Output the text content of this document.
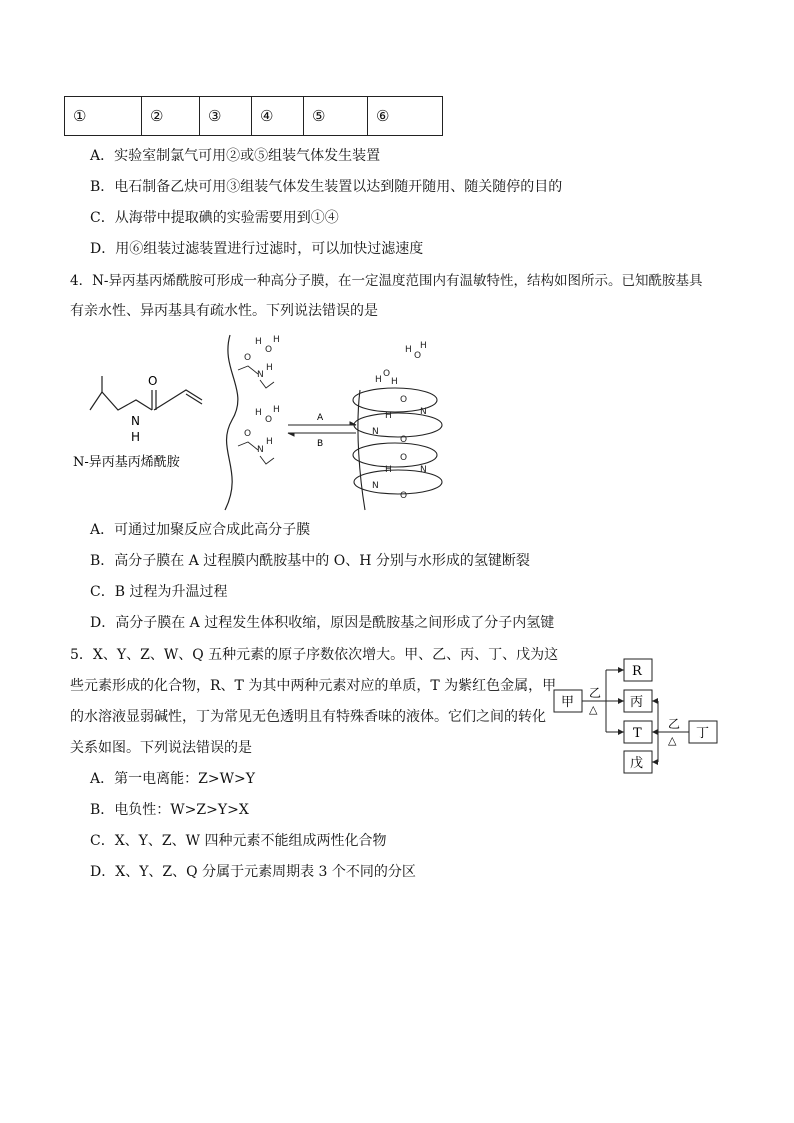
①	②	③	④	⑤	⑥
A．实验室制氯气可用②或⑤组装气体发生装置
B．电石制备乙炔可用③组装气体发生装置以达到随开随用、随关随停的目的
C．从海带中提取碘的实验需要用到①④
D．用⑥组装过滤装置进行过滤时，可以加快过滤速度
4．N-异丙基丙烯酰胺可形成一种高分子膜，在一定温度范围内有温敏特性，结构如图所示。已知酰胺基具
有亲水性、异丙基具有疏水性。下列说法错误的是
O
N
H
N-异丙基丙烯酰胺
H
O
H
O
N
H
H
O
H
O
N
H
A
B
H
O
H
H
O
H
O
N
H
N
O
O
N
H
N
O
A．可通过加聚反应合成此高分子膜
B．高分子膜在 A 过程膜内酰胺基中的 O、H 分别与水形成的氢键断裂
C．B 过程为升温过程
D．高分子膜在 A 过程发生体积收缩，原因是酰胺基之间形成了分子内氢键
5．X、Y、Z、W、Q 五种元素的原子序数依次增大。甲、乙、丙、丁、戊为这
些元素形成的化合物，R、T 为其中两种元素对应的单质，T 为紫红色金属，甲
的水溶液显弱碱性，丁为常见无色透明且有特殊香味的液体。它们之间的转化
关系如图。下列说法错误的是
甲
R
丙
T
戊
丁
乙
△
乙
△
A．第一电离能：Z>W>Y
B．电负性：W>Z>Y>X
C．X、Y、Z、W 四种元素不能组成两性化合物
D．X、Y、Z、Q 分属于元素周期表 3 个不同的分区
